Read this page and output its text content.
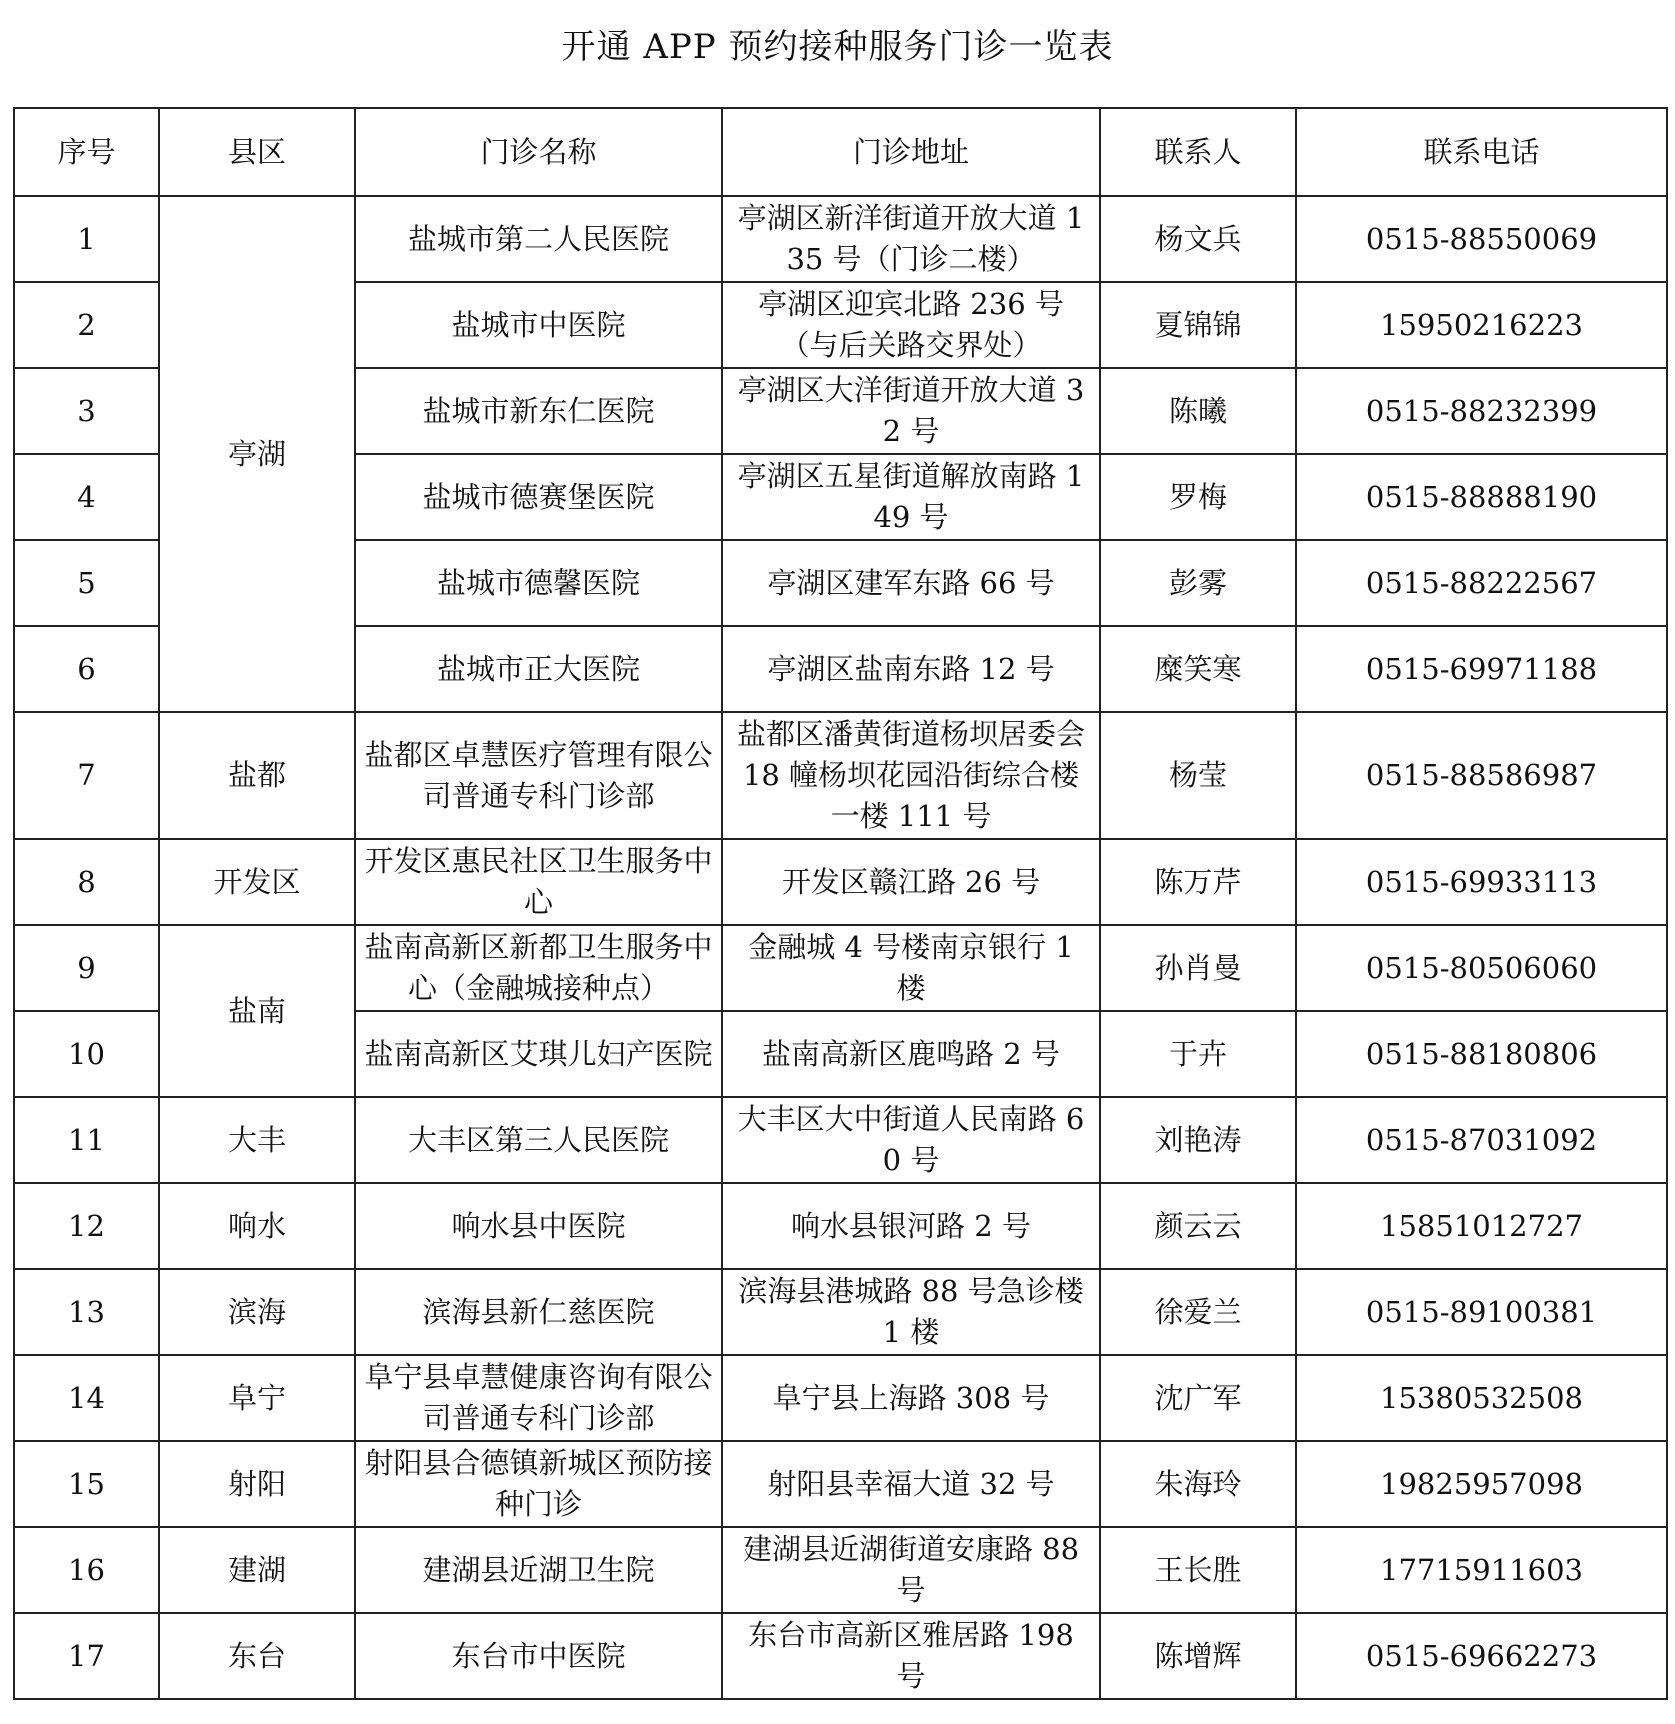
开通 APP 预约接种服务门诊一览表
序号	县区	门诊名称	门诊地址	联系人	联系电话
1	亭湖	盐城市第二人民医院	亭湖区新洋街道开放大道 135 号（门诊二楼）	杨文兵	0515-88550069
2		盐城市中医院	亭湖区迎宾北路 236 号（与后关路交界处）	夏锦锦	15950216223
3		盐城市新东仁医院	亭湖区大洋街道开放大道 32 号	陈曦	0515-88232399
4		盐城市德赛堡医院	亭湖区五星街道解放南路 149 号	罗梅	0515-88888190
5		盐城市德馨医院	亭湖区建军东路 66 号	彭雾	0515-88222567
6		盐城市正大医院	亭湖区盐南东路 12 号	糜笑寒	0515-69971188
7	盐都	盐都区卓慧医疗管理有限公司普通专科门诊部	盐都区潘黄街道杨坝居委会 18 幢杨坝花园沿街综合楼一楼 111 号	杨莹	0515-88586987
8	开发区	开发区惠民社区卫生服务中心	开发区赣江路 26 号	陈万芹	0515-69933113
9	盐南	盐南高新区新都卫生服务中心（金融城接种点）	金融城 4 号楼南京银行 1 楼	孙肖曼	0515-80506060
10		盐南高新区艾琪儿妇产医院	盐南高新区鹿鸣路 2 号	于卉	0515-88180806
11	大丰	大丰区第三人民医院	大丰区大中街道人民南路 60 号	刘艳涛	0515-87031092
12	响水	响水县中医院	响水县银河路 2 号	颜云云	15851012727
13	滨海	滨海县新仁慈医院	滨海县港城路 88 号急诊楼 1 楼	徐爱兰	0515-89100381
14	阜宁	阜宁县卓慧健康咨询有限公司普通专科门诊部	阜宁县上海路 308 号	沈广军	15380532508
15	射阳	射阳县合德镇新城区预防接种门诊	射阳县幸福大道 32 号	朱海玲	19825957098
16	建湖	建湖县近湖卫生院	建湖县近湖街道安康路 88 号	王长胜	17715911603
17	东台	东台市中医院	东台市高新区雅居路 198 号	陈增辉	0515-69662273
